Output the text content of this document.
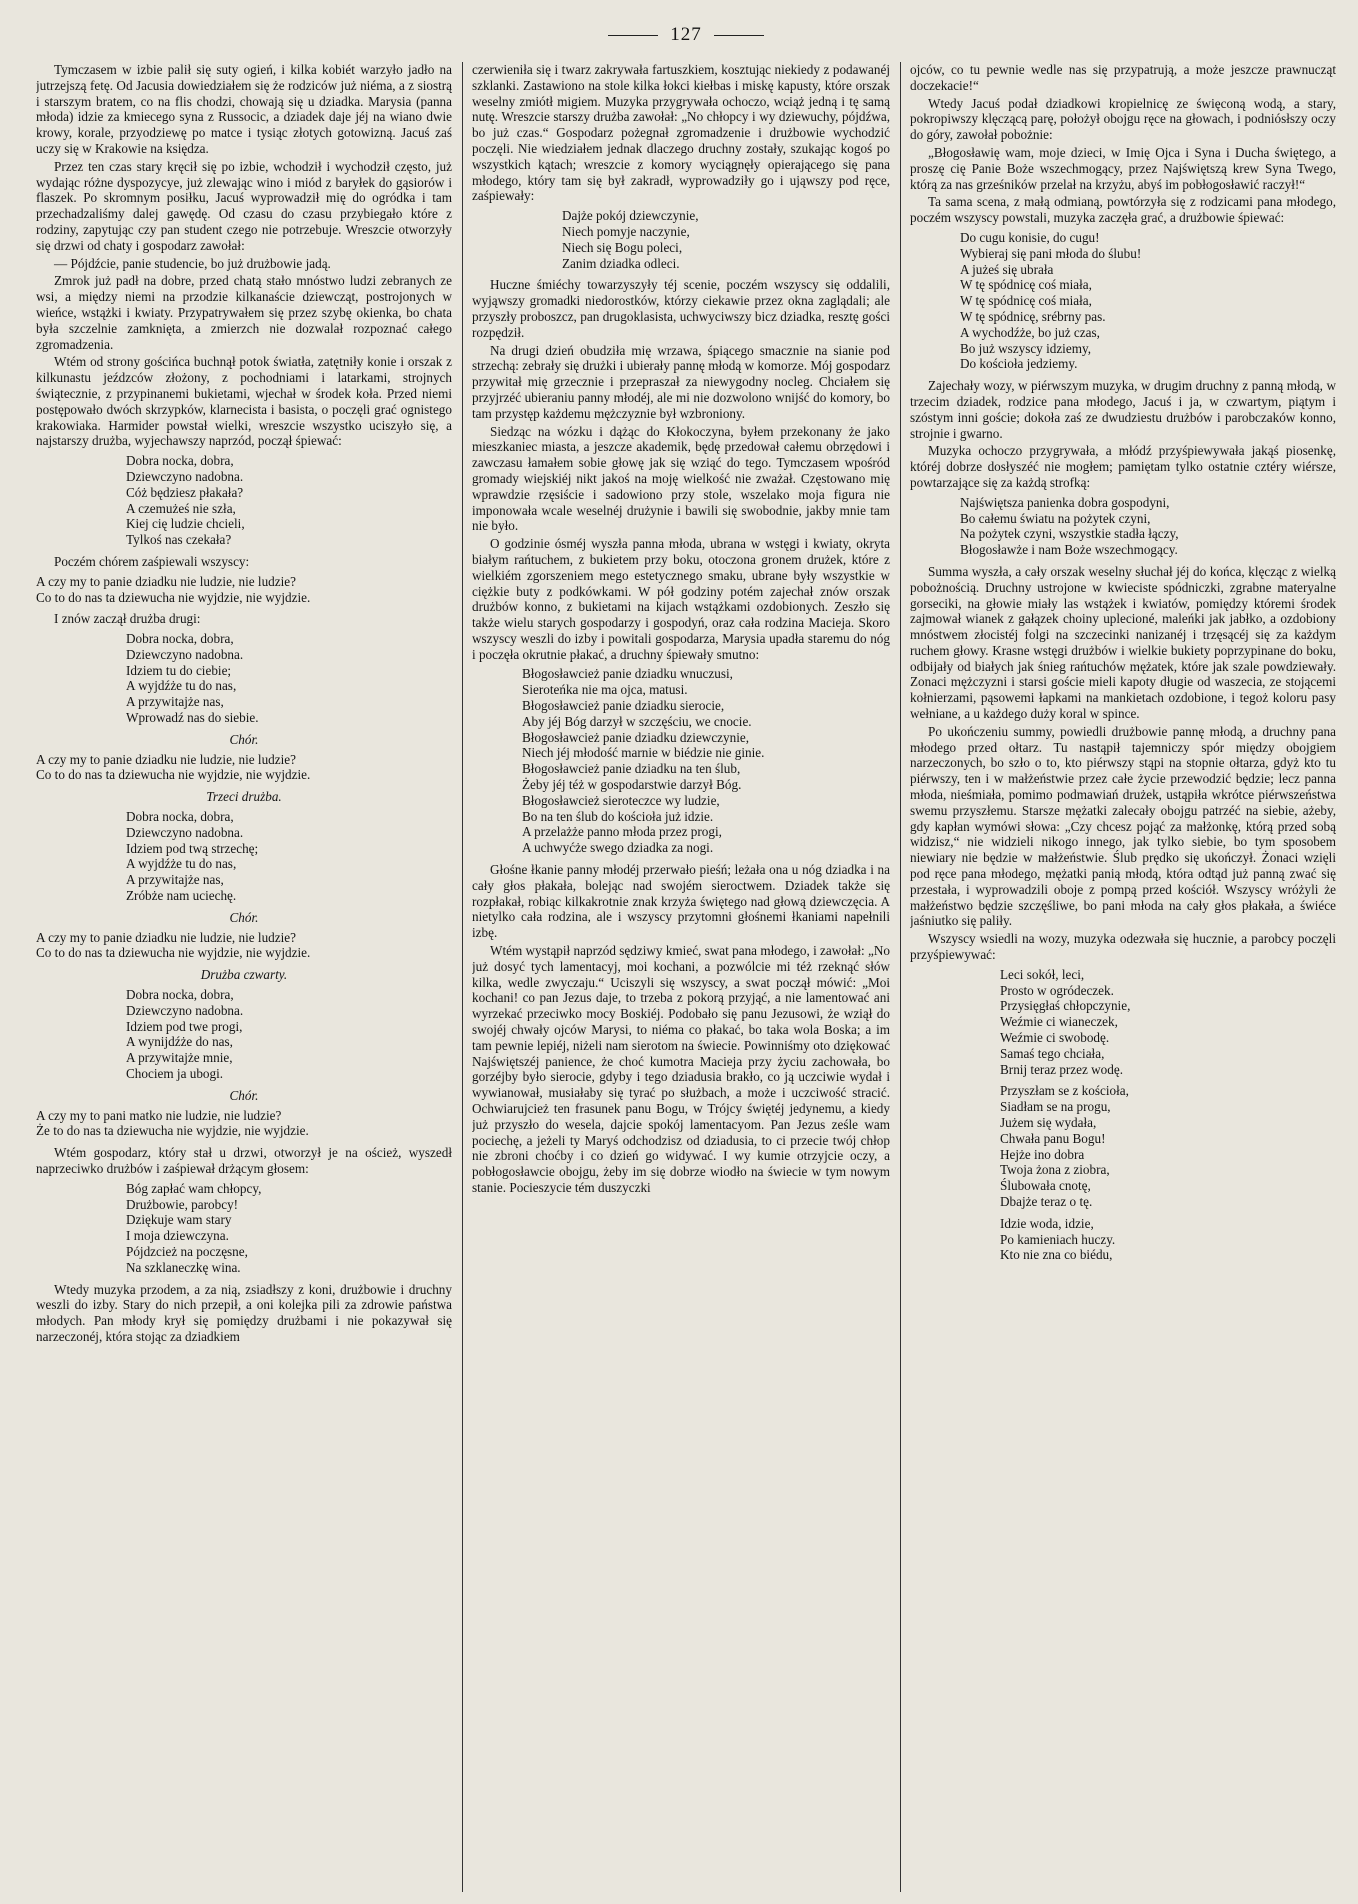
127

Tymczasem w izbie palił się suty ogień, i kilka kobiét warzyło jadło na jutrzejszą fetę. Od Jacusia dowiedziałem się że rodziców już niéma, a z siostrą i starszym bratem, co na flis chodzi, chowają się u dziadka. Marysia (panna młoda) idzie za kmiecego syna z Russocic, a dziadek daje jéj na wiano dwie krowy, korale, przyodziewę po matce i tysiąc złotych gotowizną. Jacuś zaś uczy się w Krakowie na księdza.

Przez ten czas stary kręcił się po izbie, wchodził i wychodził często, już wydając różne dyspozycye, już zlewając wino i miód z baryłek do gąsiorów i flaszek. Po skromnym posiłku, Jacuś wyprowadził mię do ogródka i tam przechadzaliśmy dalej gawędę. Od czasu do czasu przybiegało które z rodziny, zapytując czy pan student czego nie potrzebuje. Wreszcie otworzyły się drzwi od chaty i gospodarz zawołał:

— Pójdźcie, panie studencie, bo już drużbowie jadą.

Zmrok już padł na dobre, przed chatą stało mnóstwo ludzi zebranych ze wsi, a między niemi na przodzie kilkanaście dziewcząt, postrojonych w wieńce, wstążki i kwiaty. Przypatrywałem się przez szybę okienka, bo chata była szczelnie zamknięta, a zmierzch nie dozwalał rozpoznać całego zgromadzenia.

Wtém od strony gościńca buchnął potok światła, zatętniły konie i orszak z kilkunastu jeźdzców złożony, z pochodniami i latarkami, strojnych świątecznie, z przypinanemi bukietami, wjechał w środek koła. Przed niemi postępowało dwóch skrzypków, klarnecista i basista, o poczęli grać ognistego krakowiaka. Harmider powstał wielki, wreszcie wszystko uciszyło się, a najstarszy drużba, wyjechawszy naprzód, począł śpiewać:

Dobra nocka, dobra,
Dziewczyno nadobna.
Cóż będziesz płakała?
A czemużeś nie szła,
Kiej cię ludzie chcieli,
Tylkoś nas czekała?

Poczém chórem zaśpiewali wszyscy:

A czy my to panie dziadku nie ludzie, nie ludzie?
Co to do nas ta dziewucha nie wyjdzie, nie wyjdzie.

I znów zaczął drużba drugi:

Dobra nocka, dobra,
Dziewczyno nadobna.
Idziem tu do ciebie;
A wyjdźże tu do nas,
A przywitajże nas,
Wprowadź nas do siebie.
Chór.
A czy my to panie dziadku nie ludzie, nie ludzie?
Co to do nas ta dziewucha nie wyjdzie, nie wyjdzie.
Trzeci drużba.
Dobra nocka, dobra,
Dziewczyno nadobna.
Idziem pod twą strzechę;
A wyjdźże tu do nas,
A przywitajże nas,
Zróbże nam uciechę.
Chór.
A czy my to panie dziadku nie ludzie, nie ludzie?
Co to do nas ta dziewucha nie wyjdzie, nie wyjdzie.
Drużba czwarty.
Dobra nocka, dobra,
Dziewczyno nadobna.
Idziem pod twe progi,
A wynijdźże do nas,
A przywitajże mnie,
Chociem ja ubogi.
Chór.
A czy my to pani matko nie ludzie, nie ludzie?
Że to do nas ta dziewucha nie wyjdzie, nie wyjdzie.

Wtém gospodarz, który stał u drzwi, otworzył je na oścież, wyszedł naprzeciwko drużbów i zaśpiewał drżącym głosem:

Bóg zapłać wam chłopcy,
Drużbowie, parobcy!
Dziękuje wam stary
I moja dziewczyna.
Pójdzcież na poczęsne,
Na szklaneczkę wina.

Wtedy muzyka przodem, a za nią, zsiadłszy z koni, drużbowie i druchny weszli do izby. Stary do nich przepił, a oni kolejka pili za zdrowie państwa młodych. Pan młody krył się pomiędzy drużbami i nie pokazywał się narzeczonéj, która stojąc za dziadkiem

czerwieniła się i twarz zakrywała fartuszkiem, kosztując niekiedy z podawanéj szklanki. Zastawiono na stole kilka łokci kiełbas i miskę kapusty, które orszak weselny zmiótł migiem. Muzyka przygrywała ochoczo, wciąż jedną i tę samą nutę. Wreszcie starszy drużba zawołał: „No chłopcy i wy dziewuchy, pójdźwa, bo już czas.“ Gospodarz pożegnał zgromadzenie i drużbowie wychodzić poczęli. Nie wiedziałem jednak dlaczego druchny zostały, szukając kogoś po wszystkich kątach; wreszcie z komory wyciągnęły opierającego się pana młodego, który tam się był zakradł, wyprowadziły go i ująwszy pod ręce, zaśpiewały:

Dajże pokój dziewczynie,
Niech pomyje naczynie,
Niech się Bogu poleci,
Zanim dziadka odleci.

Huczne śmiéchy towarzyszyły téj scenie, poczém wszyscy się oddalili, wyjąwszy gromadki niedorostków, którzy ciekawie przez okna zaglądali; ale przyszły proboszcz, pan drugoklasista, uchwyciwszy bicz dziadka, resztę gości rozpędził.

Na drugi dzień obudziła mię wrzawa, śpiącego smacznie na sianie pod strzechą: zebrały się drużki i ubierały pannę młodą w komorze. Mój gospodarz przywitał mię grzecznie i przepraszał za niewygodny nocleg. Chciałem się przyjrzéć ubieraniu panny młodéj, ale mi nie dozwolono wnijść do komory, bo tam przystęp każdemu mężczyznie był wzbroniony.

Siedząc na wózku i dążąc do Kłokoczyna, byłem przekonany że jako mieszkaniec miasta, a jeszcze akademik, będę przedował całemu obrzędowi i zawczasu łamałem sobie głowę jak się wziąć do tego. Tymczasem wpośród gromady wiejskiéj nikt jakoś na moję wielkość nie zważał. Częstowano mię wprawdzie rzęsiście i sadowiono przy stole, wszelako moja figura nie imponowała wcale weselnéj drużynie i bawili się swobodnie, jakby mnie tam nie było.

O godzinie ósméj wyszła panna młoda, ubrana w wstęgi i kwiaty, okryta białym rańtuchem, z bukietem przy boku, otoczona gronem drużek, które z wielkiém zgorszeniem mego estetycznego smaku, ubrane były wszystkie w ciężkie buty z podkówkami. W pół godziny potém zajechał znów orszak drużbów konno, z bukietami na kijach wstążkami ozdobionych. Zeszło się także wielu starych gospodarzy i gospodyń, oraz cała rodzina Macieja. Skoro wszyscy weszli do izby i powitali gospodarza, Marysia upadła staremu do nóg i poczęła okrutnie płakać, a druchny śpiewały smutno:

Błogosławcież panie dziadku wnuczusi,
Sieroteńka nie ma ojca, matusi.
Błogosławcież panie dziadku sierocie,
Aby jéj Bóg darzył w szczęściu, we cnocie.
Błogosławcież panie dziadku dziewczynie,
Niech jéj młodość marnie w biédzie nie ginie.
Błogosławcież panie dziadku na ten ślub,
Żeby jéj téż w gospodarstwie darzył Bóg.
Błogosławcież sieroteczce wy ludzie,
Bo na ten ślub do kościoła już idzie.
A przelażże panno młoda przez progi,
A uchwyćże swego dziadka za nogi.

Głośne łkanie panny młodéj przerwało pieśń; leżała ona u nóg dziadka i na cały głos płakała, bolejąc nad swojém sieroctwem. Dziadek także się rozpłakał, robiąc kilkakrotnie znak krzyża świętego nad głową dziewczęcia. A nietylko cała rodzina, ale i wszyscy przytomni głośnemi łkaniami napełnili izbę.

Wtém wystąpił naprzód sędziwy kmieć, swat pana młodego, i zawołał: „No już dosyć tych lamentacyj, moi kochani, a pozwólcie mi téż rzeknąć słów kilka, wedle zwyczaju.“ Uciszyli się wszyscy, a swat począł mówić: „Moi kochani! co pan Jezus daje, to trzeba z pokorą przyjąć, a nie lamentować ani wyrzekać przeciwko mocy Boskiéj. Podobało się panu Jezusowi, że wziął do swojéj chwały ojców Marysi, to niéma co płakać, bo taka wola Boska; a im tam pewnie lepiéj, niżeli nam sierotom na świecie. Powinniśmy oto dziękować Najświętszéj panience, że choć kumotra Macieja przy życiu zachowała, bo gorzéjby było sierocie, gdyby i tego dziadusia brakło, co ją uczciwie wydał i wywianował, musiałaby się tyrać po służbach, a może i uczciwość stracić. Ochwiarujcież ten frasunek panu Bogu, w Trójcy świętéj jedynemu, a kiedy już przyszło do wesela, dajcie spokój lamentacyom. Pan Jezus ześle wam pociechę, a jeżeli ty Maryś odchodzisz od dziadusia, to ci przecie twój chłop nie zbroni choćby i co dzień go widywać. I wy kumie otrzyjcie oczy, a pobłogosławcie obojgu, żeby im się dobrze wiodło na świecie w tym nowym stanie. Pocieszycie tém duszyczki

ojców, co tu pewnie wedle nas się przypatrują, a może jeszcze prawnucząt doczekacie!“

Wtedy Jacuś podał dziadkowi kropielnicę ze święconą wodą, a stary, pokropiwszy klęczącą parę, położył obojgu ręce na głowach, i podniósłszy oczy do góry, zawołał pobożnie:

„Błogosławię wam, moje dzieci, w Imię Ojca i Syna i Ducha świętego, a proszę cię Panie Boże wszechmogący, przez Najświętszą krew Syna Twego, którą za nas grześników przelał na krzyżu, abyś im pobłogosławić raczył!“

Ta sama scena, z małą odmianą, powtórzyła się z rodzicami pana młodego, poczém wszyscy powstali, muzyka zaczęła grać, a drużbowie śpiewać:

Do cugu konisie, do cugu!
Wybieraj się pani młoda do ślubu!
A jużeś się ubrała
W tę spódnicę coś miała,
W tę spódnicę coś miała,
W tę spódnicę, srébrny pas.
A wychodźże, bo już czas,
Bo już wszyscy idziemy,
Do kościoła jedziemy.

Zajechały wozy, w piérwszym muzyka, w drugim druchny z panną młodą, w trzecim dziadek, rodzice pana młodego, Jacuś i ja, w czwartym, piątym i szóstym inni goście; dokoła zaś ze dwudziestu drużbów i parobczaków konno, strojnie i gwarno.

Muzyka ochoczo przygrywała, a młódź przyśpiewywała jakąś piosenkę, któréj dobrze dosłyszéć nie mogłem; pamiętam tylko ostatnie cztéry wiérsze, powtarzające się za każdą strofką:

Najświętsza panienka dobra gospodyni,
Bo całemu światu na pożytek czyni,
Na pożytek czyni, wszystkie stadła łączy,
Błogosławże i nam Boże wszechmogący.

Summa wyszła, a cały orszak weselny słuchał jéj do końca, klęcząc z wielką pobożnością. Druchny ustrojone w kwieciste spódniczki, zgrabne materyalne gorseciki, na głowie miały las wstążek i kwiatów, pomiędzy któremi środek zajmował wianek z gałązek choiny uplecioné, maleńki jak jabłko, a ozdobiony mnóstwem złocistéj folgi na szczecinki nanizanéj i trzęsącéj się za każdym ruchem głowy. Krasne wstęgi drużbów i wielkie bukiety poprzypinane do boku, odbijały od białych jak śnieg rańtuchów mężatek, które jak szale powdziewały. Zonaci mężczyzni i starsi goście mieli kapoty długie od waszecia, ze stojącemi kołnierzami, pąsowemi łapkami na mankietach ozdobione, i tegoż koloru pasy wełniane, a u każdego duży koral w spince.

Po ukończeniu summy, powiedli drużbowie pannę młodą, a druchny pana młodego przed ołtarz. Tu nastąpił tajemniczy spór między obojgiem narzeczonych, bo szło o to, kto piérwszy stąpi na stopnie ołtarza, gdyż kto tu piérwszy, ten i w małżeństwie przez całe życie przewodzić będzie; lecz panna młoda, nieśmiała, pomimo podmawiań drużek, ustąpiła wkrótce piérwszeństwa swemu przyszłemu. Starsze mężatki zalecały obojgu patrzéć na siebie, ażeby, gdy kapłan wymówi słowa: „Czy chcesz pojąć za małżonkę, którą przed sobą widzisz,“ nie widzieli nikogo innego, jak tylko siebie, bo tym sposobem niewiary nie będzie w małżeństwie. Ślub prędko się ukończył. Żonaci wzięli pod ręce pana młodego, mężatki panią młodą, która odtąd już panną zwać się przestała, i wyprowadzili oboje z pompą przed kościół. Wszyscy wróżyli że małżeństwo będzie szczęśliwe, bo pani młoda na cały głos płakała, a świéce jaśniutko się paliły.

Wszyscy wsiedli na wozy, muzyka odezwała się hucznie, a parobcy poczęli przyśpiewywać:

Leci sokół, leci,
Prosto w ogródeczek.
Przysięgłaś chłopczynie,
Weźmie ci wianeczek,
Weźmie ci swobodę.
Samaś tego chciała,
Brnij teraz przez wodę.
Przyszłam se z kościoła,
Siadłam se na progu,
Jużem się wydała,
Chwała panu Bogu!
Hejże ino dobra
Twoja żona z ziobra,
Ślubowała cnotę,
Dbajże teraz o tę.
Idzie woda, idzie,
Po kamieniach huczy.
Kto nie zna co biédu,
